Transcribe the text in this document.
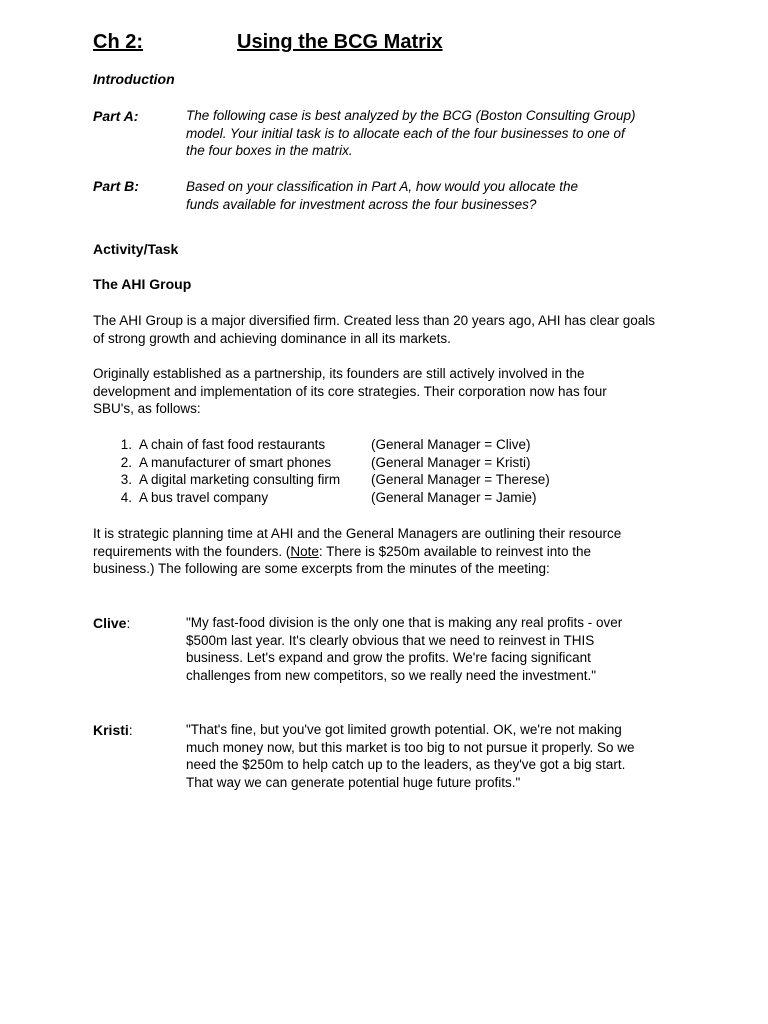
Ch 2:	Using the BCG Matrix
Introduction
Part A:	The following case is best analyzed by the BCG (Boston Consulting Group)
model. Your initial task is to allocate each of the four businesses to one of
the four boxes in the matrix.
Part B:	Based on your classification in Part A, how would you allocate the
funds available for investment across the four businesses?
Activity/Task
The AHI Group
The AHI Group is a major diversified firm. Created less than 20 years ago, AHI has clear goals
of strong growth and achieving dominance in all its markets.
Originally established as a partnership, its founders are still actively involved in the
development and implementation of its core strategies. Their corporation now has four
SBU's, as follows:
1. A chain of fast food restaurants	(General Manager = Clive)
2. A manufacturer of smart phones	(General Manager = Kristi)
3. A digital marketing consulting firm	(General Manager = Therese)
4. A bus travel company	(General Manager = Jamie)
It is strategic planning time at AHI and the General Managers are outlining their resource
requirements with the founders. (Note: There is $250m available to reinvest into the
business.) The following are some excerpts from the minutes of the meeting:
Clive:	"My fast-food division is the only one that is making any real profits - over
$500m last year. It's clearly obvious that we need to reinvest in THIS
business. Let's expand and grow the profits. We're facing significant
challenges from new competitors, so we really need the investment."
Kristi:	"That's fine, but you've got limited growth potential. OK, we're not making
much money now, but this market is too big to not pursue it properly. So we
need the $250m to help catch up to the leaders, as they've got a big start.
That way we can generate potential huge future profits."
